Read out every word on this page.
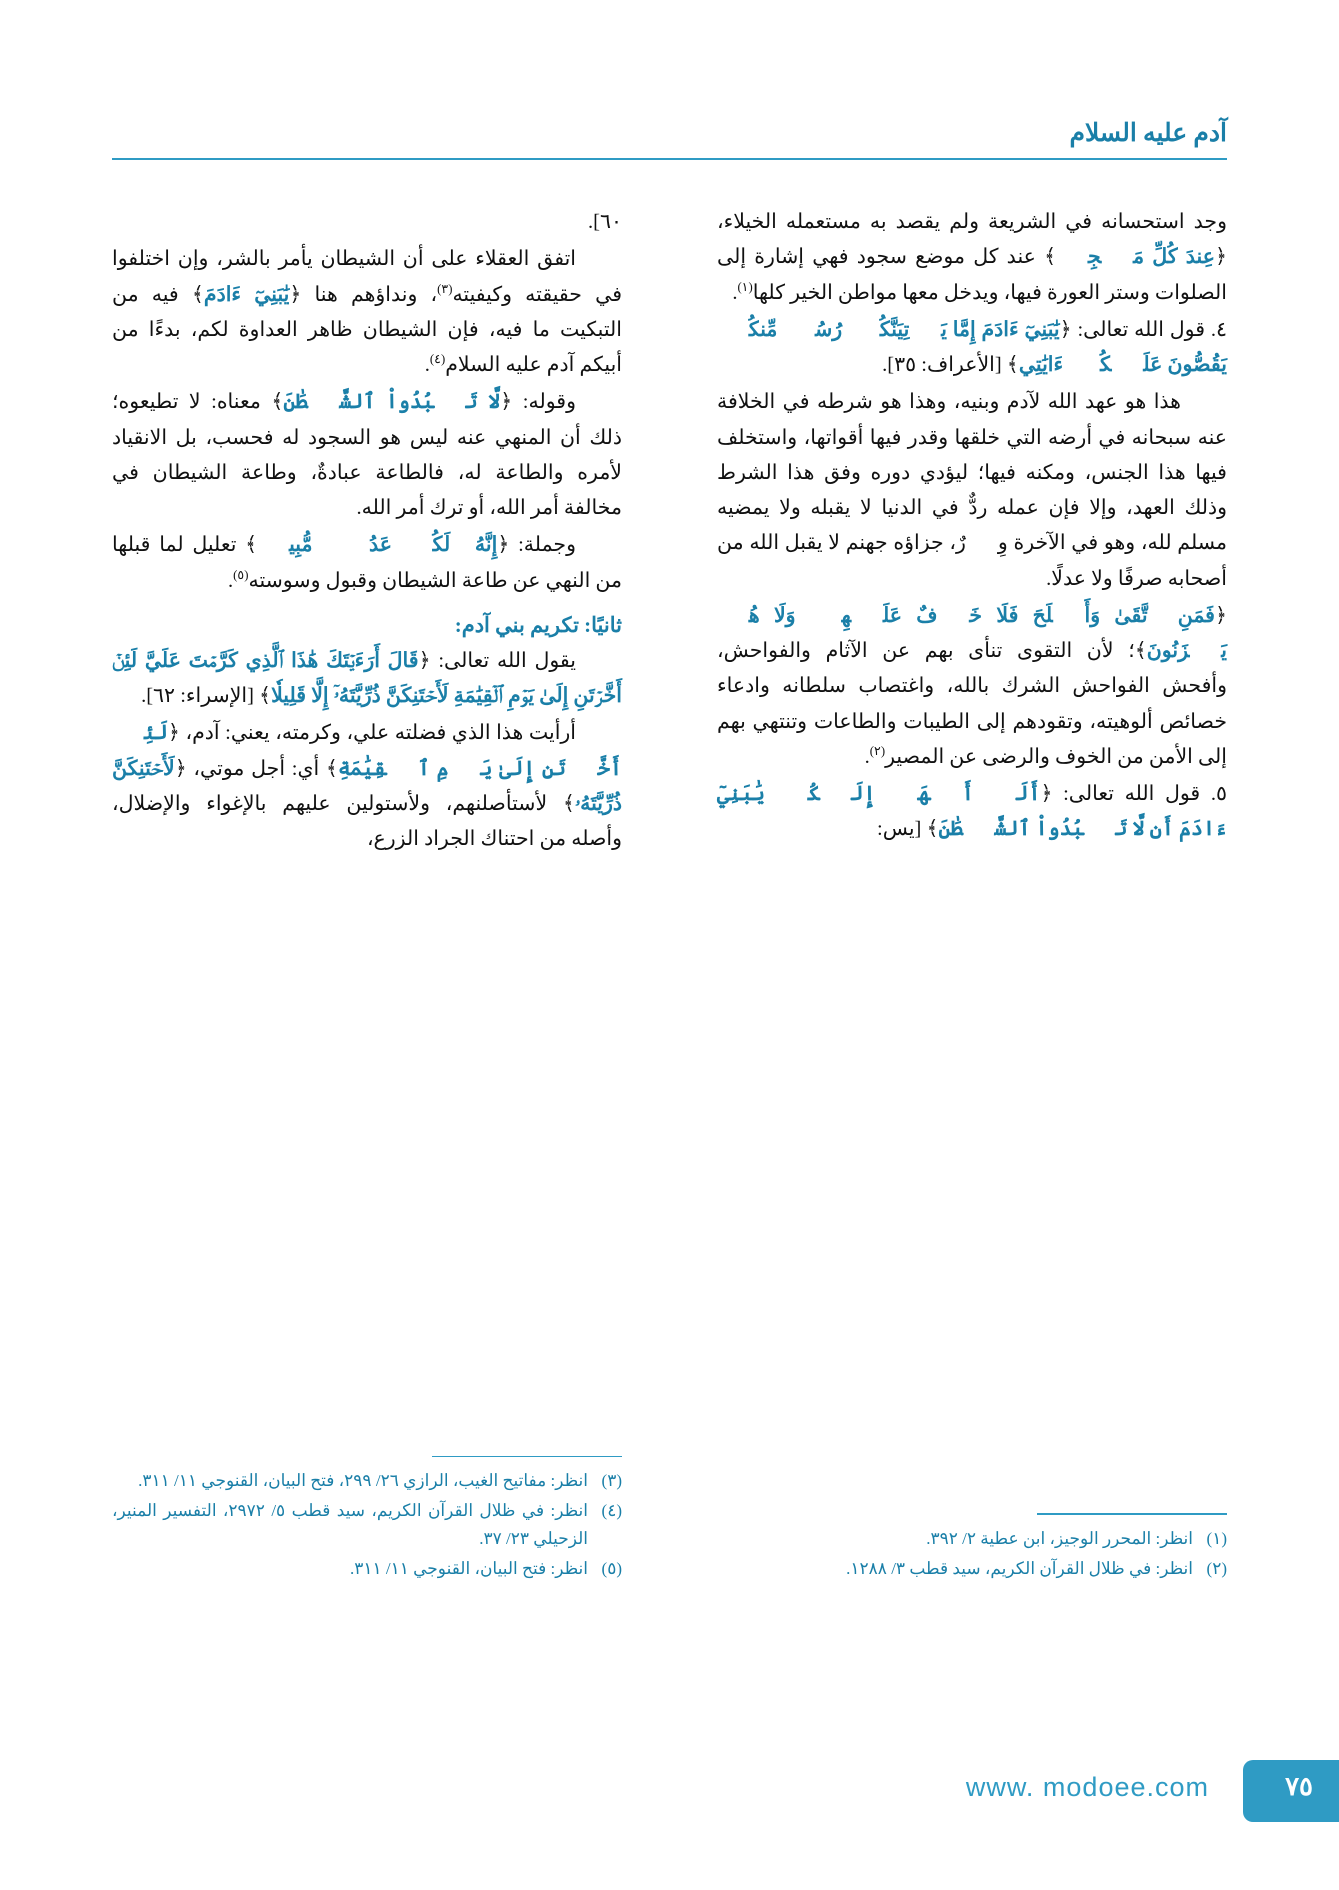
آدم عليه السلام

وجد استحسانه في الشريعة ولم يقصد به مستعمله الخيلاء، ﴿عِندَ كُلِّ مَسۡجِدٖ﴾ عند كل موضع سجود فهي إشارة إلى الصلوات وستر العورة فيها، ويدخل معها مواطن الخير كلها$^{(١)}$.

٤. قول الله تعالى: ﴿يَٰبَنِيٓ ءَادَمَ إِمَّا يَأۡتِيَنَّكُمۡ رُسُلٞ مِّنكُمۡ يَقُصُّونَ عَلَيۡكُمۡ ءَايَٰتِي﴾ [الأعراف: ٣٥].

هذا هو عهد الله لآدم وبنيه، وهذا هو شرطه في الخلافة عنه سبحانه في أرضه التي خلقها وقدر فيها أقواتها، واستخلف فيها هذا الجنس، ومكنه فيها؛ ليؤدي دوره وفق هذا الشرط وذلك العهد، وإلا فإن عمله ردٌّ في الدنيا لا يقبله ولا يمضيه مسلم لله، وهو في الآخرة وِزۡرٌ، جزاؤه جهنم لا يقبل الله من أصحابه صرفًا ولا عدلًا.

﴿فَمَنِ ٱتَّقَىٰ وَأَصۡلَحَ فَلَا خَوۡفٌ عَلَيۡهِمۡ وَلَا هُمۡ يَحۡزَنُونَ﴾؛ لأن التقوى تنأى بهم عن الآثام والفواحش، وأفحش الفواحش الشرك بالله، واغتصاب سلطانه وادعاء خصائص ألوهيته، وتقودهم إلى الطيبات والطاعات وتنتهي بهم إلى الأمن من الخوف والرضى عن المصير$^{(٢)}$.

٥. قول الله تعالى: ﴿أَلَمۡ أَعۡهَدۡ إِلَيۡكُمۡ يَٰبَنِيٓ ءَادَمَ أَن لَّا تَعۡبُدُواْ ٱلشَّيۡطَٰنَ﴾ [يس:

(١)
انظر: المحرر الوجيز، ابن عطية ٢/ ٣٩٢.
(٢)
انظر: في ظلال القرآن الكريم، سيد قطب ٣/ ١٢٨٨.

٦٠].

اتفق العقلاء على أن الشيطان يأمر بالشر، وإن اختلفوا في حقيقته وكيفيته$^{(٣)}$، ونداؤهم هنا ﴿يَٰبَنِيٓ ءَادَمَ﴾ فيه من التبكيت ما فيه، فإن الشيطان ظاهر العداوة لكم، بدءًا من أبيكم آدم عليه السلام$^{(٤)}$.

وقوله: ﴿لَّا تَعۡبُدُواْ ٱلشَّيۡطَٰنَ﴾ معناه: لا تطيعوه؛ ذلك أن المنهي عنه ليس هو السجود له فحسب، بل الانقياد لأمره والطاعة له، فالطاعة عبادةٌ، وطاعة الشيطان في مخالفة أمر الله، أو ترك أمر الله.

وجملة: ﴿إِنَّهُۥ لَكُمۡ عَدُوّٞ مُّبِينٞ﴾ تعليل لما قبلها من النهي عن طاعة الشيطان وقبول وسوسته$^{(٥)}$.

ثانيًا: تكريم بني آدم:

يقول الله تعالى: ﴿قَالَ أَرَءَيۡتَكَ هَٰذَا ٱلَّذِي كَرَّمۡتَ عَلَيَّ لَئِنۡ أَخَّرۡتَنِ إِلَىٰ يَوۡمِ ٱلۡقِيَٰمَةِ لَأَحۡتَنِكَنَّ ذُرِّيَّتَهُۥٓ إِلَّا قَلِيلٗا﴾ [الإسراء: ٦٢].

أرأيت هذا الذي فضلته علي، وكرمته، يعني: آدم، ﴿لَئِنۡ أَخَّرۡتَنِ إِلَىٰ يَوۡمِ ٱلۡقِيَٰمَةِ﴾ أي: أجل موتي، ﴿لَأَحۡتَنِكَنَّ ذُرِّيَّتَهُۥ﴾ لأستأصلنهم، ولأستولين عليهم بالإغواء والإضلال، وأصله من احتناك الجراد الزرع،

(٣)
انظر: مفاتيح الغيب، الرازي ٢٦/ ٢٩٩، فتح البيان، القنوجي ١١/ ٣١١.
(٤)
انظر: في ظلال القرآن الكريم، سيد قطب ٥/ ٢٩٧٢، التفسير المنير، الزحيلي ٢٣/ ٣٧.
(٥)
انظر: فتح البيان، القنوجي ١١/ ٣١١.
٧٥
www. modoee.com
